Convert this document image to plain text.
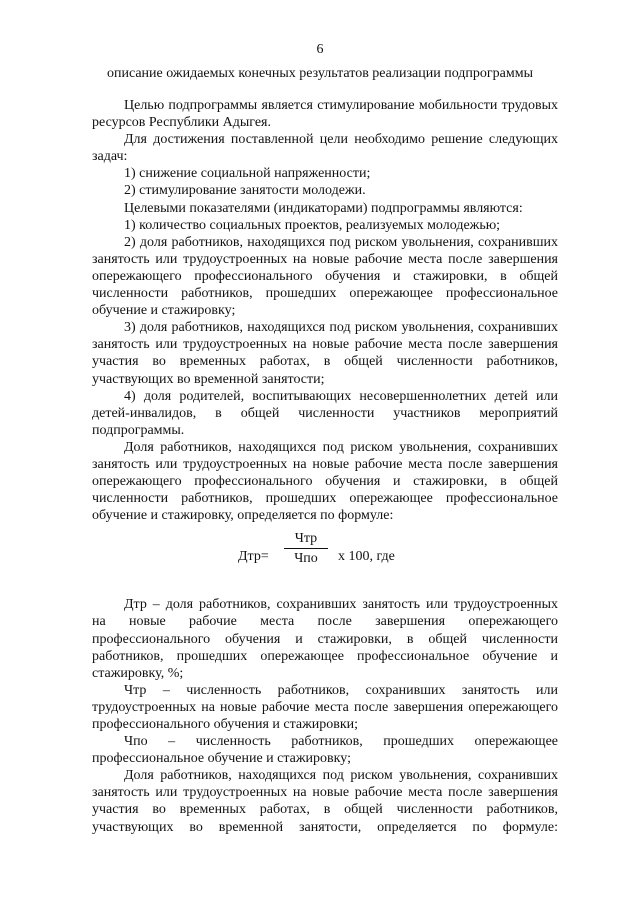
6
описание ожидаемых конечных результатов реализации подпрограммы

Целью подпрограммы является стимулирование мобильности трудовых ресурсов Республики Адыгея.

Для достижения поставленной цели необходимо решение следующих задач:

1) снижение социальной напряженности;

2) стимулирование занятости молодежи.

Целевыми показателями (индикаторами) подпрограммы являются:

1) количество социальных проектов, реализуемых молодежью;

2) доля работников, находящихся под риском увольнения, сохранивших занятость или трудоустроенных на новые рабочие места после завершения опережающего профессионального обучения и стажировки, в общей численности работников, прошедших опережающее профессиональное обучение и стажировку;

3) доля работников, находящихся под риском увольнения, сохранивших занятость или трудоустроенных на новые рабочие места после завершения участия во временных работах, в общей численности работников, участвующих во временной занятости;

4) доля родителей, воспитывающих несовершеннолетних детей или детей-инвалидов, в общей численности участников мероприятий подпрограммы.

Доля работников, находящихся под риском увольнения, сохранивших занятость или трудоустроенных на новые рабочие места после завершения опережающего профессионального обучения и стажировки, в общей численности работников, прошедших опережающее профессиональное обучение и стажировку, определяется по формуле:

Дтр=
Чтр
Чпо	х 100, где

Дтр – доля работников, сохранивших занятость или трудоустроенных на новые рабочие места после завершения опережающего профессионального обучения и стажировки, в общей численности работников, прошедших опережающее профессиональное обучение и стажировку, %;

Чтр – численность работников, сохранивших занятость или трудоустроенных на новые рабочие места после завершения опережающего профессионального обучения и стажировки;

Чпо – численность работников, прошедших опережающее профессиональное обучение и стажировку;

Доля работников, находящихся под риском увольнения, сохранивших занятость или трудоустроенных на новые рабочие места после завершения участия во временных работах, в общей численности работников, участвующих во временной занятости, определяется по формуле:
